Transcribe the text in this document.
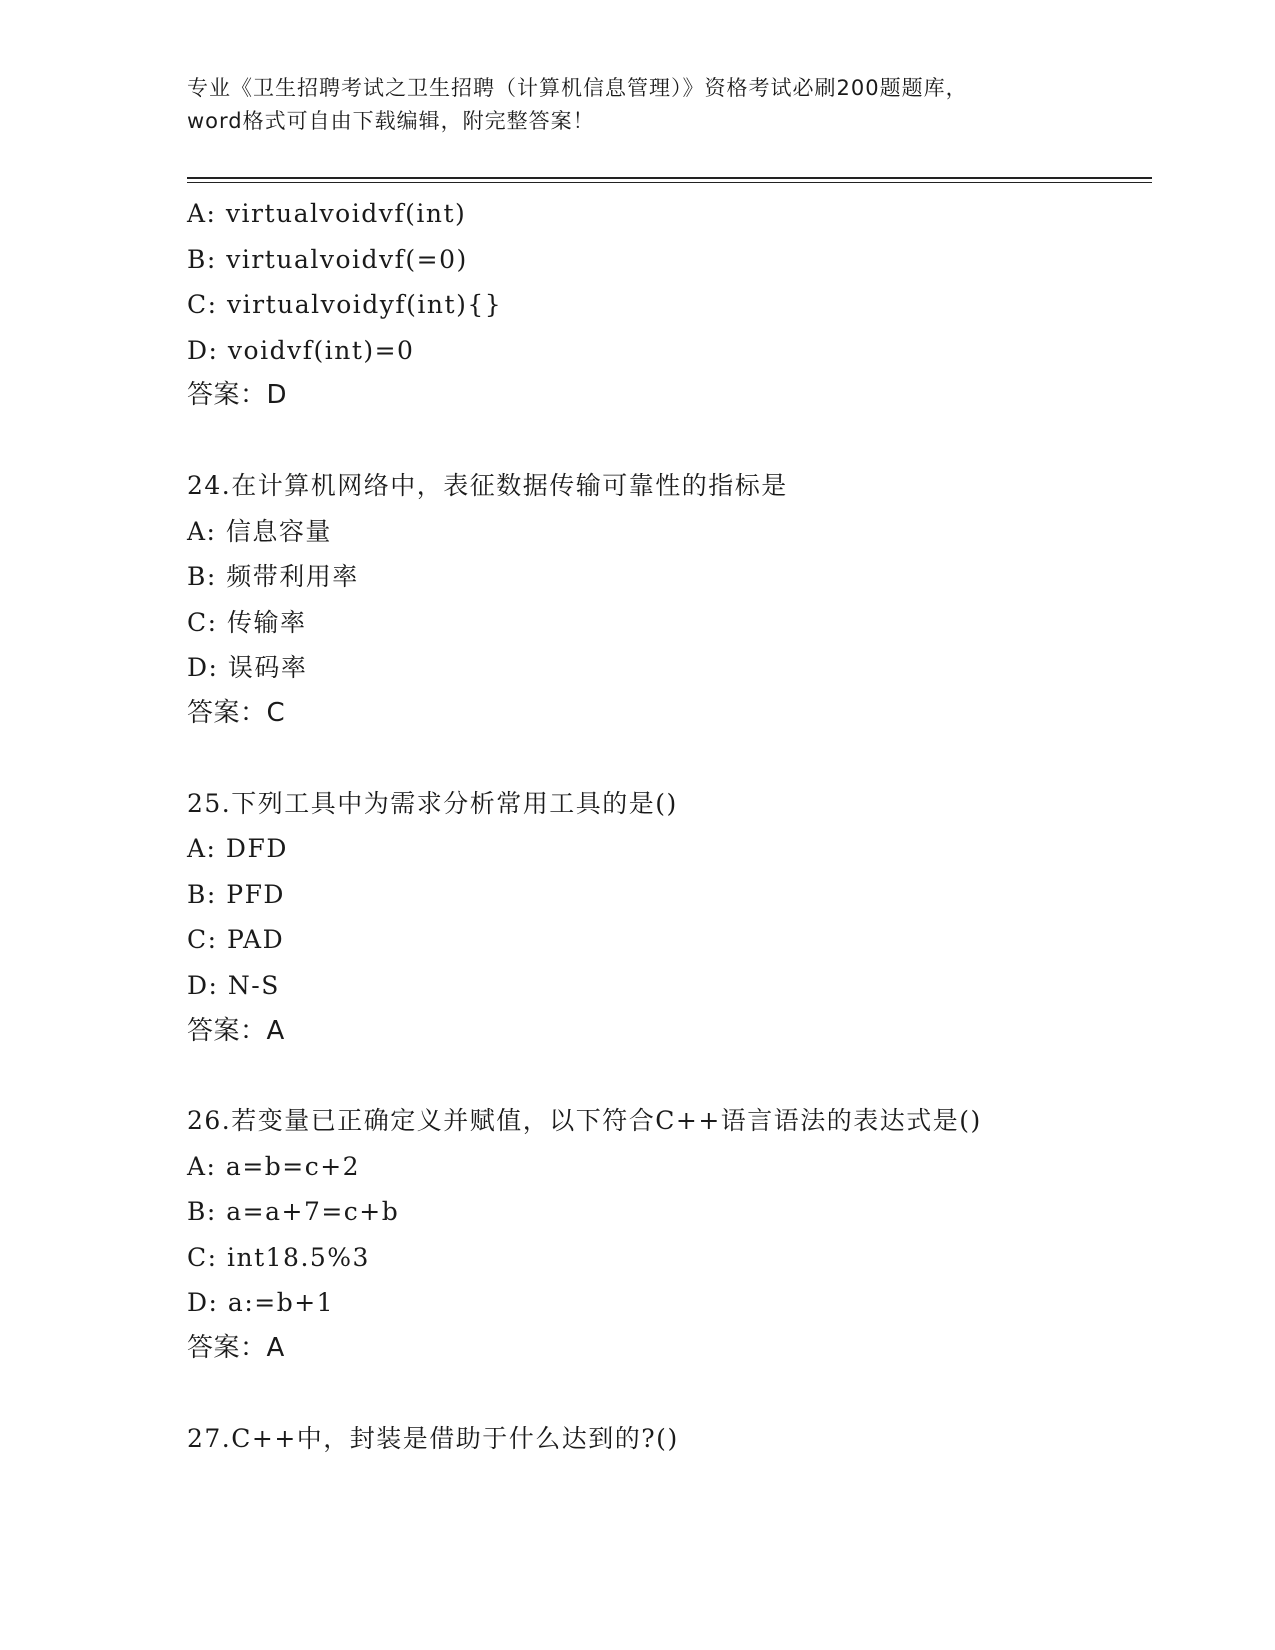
专业《卫生招聘考试之卫生招聘（计算机信息管理）》资格考试必刷200题题库，
word格式可自由下载编辑，附完整答案！
A: virtualvoidvf(int)
B: virtualvoidvf(=0)
C: virtualvoidyf(int){}
D: voidvf(int)=0
答案：D
24.在计算机网络中，表征数据传输可靠性的指标是
A: 信息容量
B: 频带利用率
C: 传输率
D: 误码率
答案：C
25.下列工具中为需求分析常用工具的是()
A: DFD
B: PFD
C: PAD
D: N-S
答案：A
26.若变量已正确定义并赋值，以下符合C++语言语法的表达式是()
A: a=b=c+2
B: a=a+7=c+b
C: int18.5%3
D: a:=b+1
答案：A
27.C++中，封装是借助于什么达到的?()
